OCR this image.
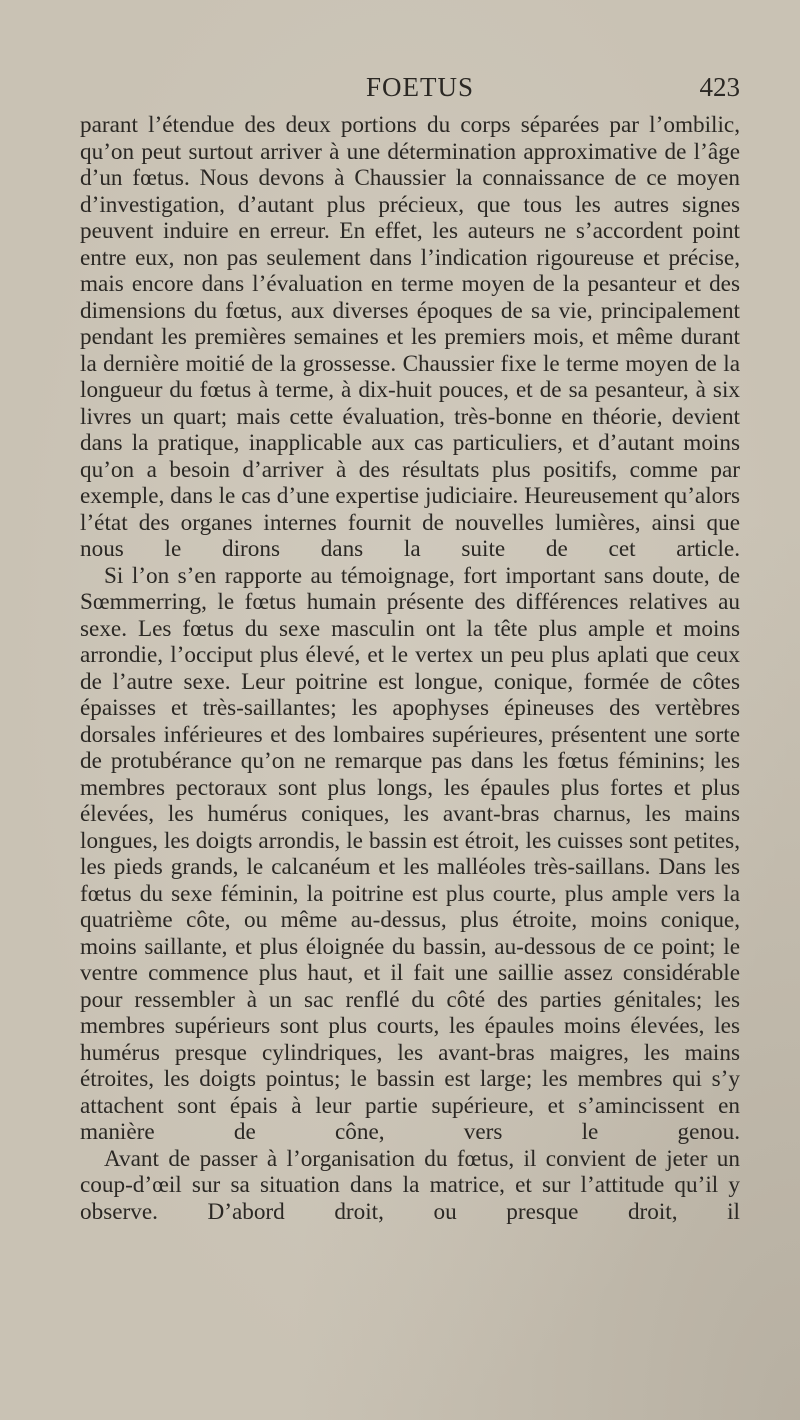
FOETUS	423

parant l’étendue des deux portions du corps séparées par l’ombilic, qu’on peut surtout arriver à une détermination approximative de l’âge d’un fœtus. Nous devons à Chaussier la connaissance de ce moyen d’investigation, d’autant plus précieux, que tous les autres signes peuvent induire en erreur. En effet, les auteurs ne s’accordent point entre eux, non pas seulement dans l’indication rigoureuse et précise, mais encore dans l’évaluation en terme moyen de la pesanteur et des dimensions du fœtus, aux diverses époques de sa vie, principalement pendant les premières semaines et les premiers mois, et même durant la dernière moitié de la grossesse. Chaussier fixe le terme moyen de la longueur du fœtus à terme, à dix-huit pouces, et de sa pesanteur, à six livres un quart; mais cette évaluation, très-bonne en théorie, devient dans la pratique, inapplicable aux cas particuliers, et d’autant moins qu’on a besoin d’arriver à des résultats plus positifs, comme par exemple, dans le cas d’une expertise judiciaire. Heureusement qu’alors l’état des organes internes fournit de nouvelles lumières, ainsi que nous le dirons dans la suite de cet article.

Si l’on s’en rapporte au témoignage, fort important sans doute, de Sœmmerring, le fœtus humain présente des différences relatives au sexe. Les fœtus du sexe masculin ont la tête plus ample et moins arrondie, l’occiput plus élevé, et le vertex un peu plus aplati que ceux de l’autre sexe. Leur poitrine est longue, conique, formée de côtes épaisses et très-saillantes; les apophyses épineuses des vertèbres dorsales inférieures et des lombaires supérieures, présentent une sorte de protubérance qu’on ne remarque pas dans les fœtus féminins; les membres pectoraux sont plus longs, les épaules plus fortes et plus élevées, les humérus coniques, les avant-bras charnus, les mains longues, les doigts arrondis, le bassin est étroit, les cuisses sont petites, les pieds grands, le calcanéum et les malléoles très-saillans. Dans les fœtus du sexe féminin, la poitrine est plus courte, plus ample vers la quatrième côte, ou même au-dessus, plus étroite, moins conique, moins saillante, et plus éloignée du bassin, au-dessous de ce point; le ventre commence plus haut, et il fait une saillie assez considérable pour ressembler à un sac renflé du côté des parties génitales; les membres supérieurs sont plus courts, les épaules moins élevées, les humérus presque cylindriques, les avant-bras maigres, les mains étroites, les doigts pointus; le bassin est large; les membres qui s’y attachent sont épais à leur partie supérieure, et s’amincissent en manière de cône, vers le genou.

Avant de passer à l’organisation du fœtus, il convient de jeter un coup-d’œil sur sa situation dans la matrice, et sur l’attitude qu’il y observe. D’abord droit, ou presque droit, il
